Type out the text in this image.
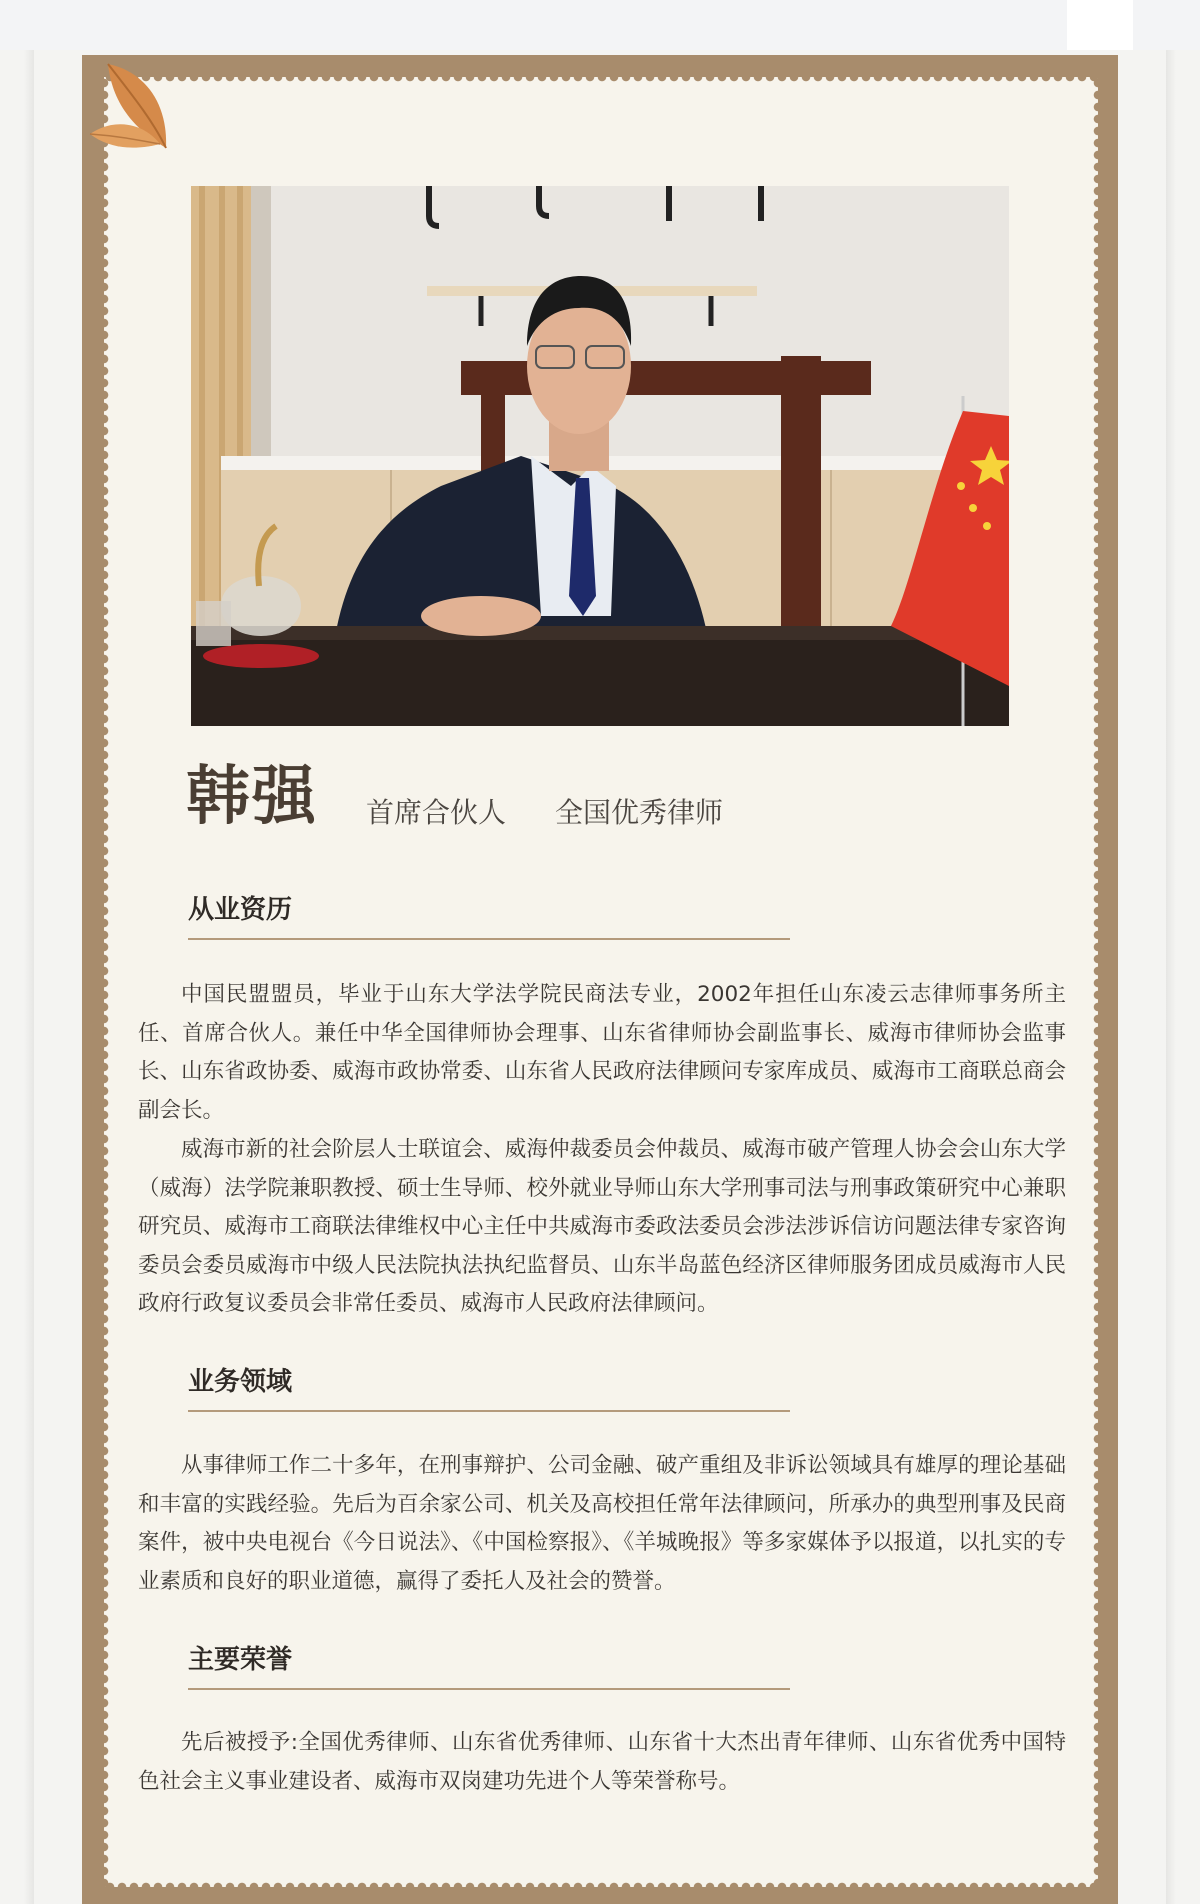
韩强 首席合伙人 全国优秀律师
从业资历

中国民盟盟员，毕业于山东大学法学院民商法专业，2002年担任山东凌云志律师事务所主任、首席合伙人。兼任中华全国律师协会理事、山东省律师协会副监事长、威海市律师协会监事长、山东省政协委、威海市政协常委、山东省人民政府法律顾问专家库成员、威海市工商联总商会副会长。

威海市新的社会阶层人士联谊会、威海仲裁委员会仲裁员、威海市破产管理人协会会山东大学（威海）法学院兼职教授、硕士生导师、校外就业导师山东大学刑事司法与刑事政策研究中心兼职研究员、威海市工商联法律维权中心主任中共威海市委政法委员会涉法涉诉信访问题法律专家咨询委员会委员威海市中级人民法院执法执纪监督员、山东半岛蓝色经济区律师服务团成员威海市人民政府行政复议委员会非常任委员、威海市人民政府法律顾问。

业务领域

从事律师工作二十多年，在刑事辩护、公司金融、破产重组及非诉讼领域具有雄厚的理论基础和丰富的实践经验。先后为百余家公司、机关及高校担任常年法律顾问，所承办的典型刑事及民商案件，被中央电视台《今日说法》、《中国检察报》、《羊城晚报》等多家媒体予以报道，以扎实的专业素质和良好的职业道德，赢得了委托人及社会的赞誉。

主要荣誉

先后被授予:全国优秀律师、山东省优秀律师、山东省十大杰出青年律师、山东省优秀中国特色社会主义事业建设者、威海市双岗建功先进个人等荣誉称号。
